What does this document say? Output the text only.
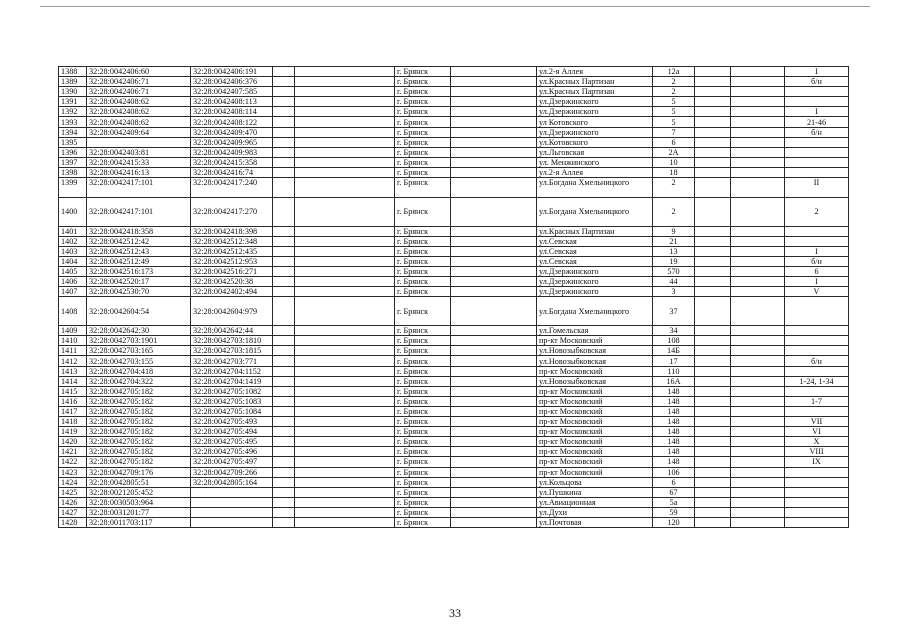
1388	32:28:0042406:60	32:28:0042406:191			г. Брянск		ул.2-я Аллея	12а			I
1389	32:28:0042406:71	32:28:0042406:376			г. Брянск		ул.Красных Партизан	2			б/н
1390	32:28:0042406:71	32:28:0042407:585			г. Брянск		ул.Красных Партизан	2			
1391	32:28:0042408:62	32:28:0042408:113			г. Брянск		ул.Дзержинского	5			
1392	32:28:0042408:62	32:28:0042408:114			г. Брянск		ул.Дзержинского	5			I
1393	32:28:0042408:62	32:28:0042408:122			г. Брянск		ул Котовского	5			21-46
1394	32:28:0042409:64	32:28:0042409:470			г. Брянск		ул.Дзержинского	7			б/н
1395		32:28:0042409:965			г. Брянск		ул.Котовского	6			
1396	32:28:0042403:81	32:28:0042409:983			г. Брянск		ул.Льговская	2А			
1397	32:28:0042415:33	32:28:0042415:358			г. Брянск		ул. Менжинского	10			
1398	32:28:0042416:13	32:28:0042416:74			г. Брянск		ул.2-я Аллея	18			
1399	32:28:0042417:101	32:28:0042417:240			г. Брянск		ул.Богдана Хмельницкого	2			II
1400	32:28:0042417:101	32:28:0042417:270			г. Брянск		ул.Богдана Хмельницкого	2			2
1401	32:28:0042418:358	32:28:0042418:398			г. Брянск		ул.Красных Партизан	9			
1402	32:28:0042512:42	32:28:0042512:348			г. Брянск		ул.Севская	21			
1403	32:28:0042512:43	32:28:0042512:435			г. Брянск		ул.Севская	13			I
1404	32:28:0042512:49	32:28:0042512:953			г. Брянск		ул.Севская	19			б/н
1405	32:28:0042516:173	32:28:0042516:271			г. Брянск		ул.Дзержинского	570			6
1406	32:28:0042520:17	32:28:0042520:38			г. Брянск		ул.Дзержинского	44			I
1407	32:28:0042530:70	32:28:0042402:494			г. Брянск		ул.Дзержинского	3			V
1408	32:28:0042604:54	32:28:0042604:979			г. Брянск		ул.Богдана Хмельницкого	37			
1409	32:28:0042642:30	32:28:0042642:44			г. Брянск		ул.Гомельская	34			
1410	32:28:0042703:1901	32:28:0042703:1810			г. Брянск		пр-кт Московский	108			
1411	32:28:0042703:165	32:28:0042703:1815			г. Брянск		ул.Новозыбковская	14Б			
1412	32:28:0042703:155	32:28:0042703:771			г. Брянск		ул.Новозыбковская	17			б/н
1413	32:28:0042704:418	32:28:0042704:1152			г. Брянск		пр-кт Московский	110			
1414	32:28:0042704:322	32:28:0042704:1419			г. Брянск		ул.Новозыбковская	16А			1-24, 1-34
1415	32:28:0042705:182	32:28:0042705:1082			г. Брянск		пр-кт Московский	148			
1416	32:28:0042705:182	32:28:0042705:1083			г. Брянск		пр-кт Московский	148			1-7
1417	32:28:0042705:182	32:28:0042705:1084			г. Брянск		пр-кт Московский	148			
1418	32:28:0042705:182	32:28:0042705:493			г. Брянск		пр-кт Московский	148			VII
1419	32:28:0042705:182	32:28:0042705:494			г. Брянск		пр-кт Московский	148			VI
1420	32:28:0042705:182	32:28:0042705:495			г. Брянск		пр-кт Московский	148			X
1421	32:28:0042705:182	32:28:0042705:496			г. Брянск		пр-кт Московский	148			VIII
1422	32:28:0042705:182	32:28:0042705:497			г. Брянск		пр-кт Московский	148			IX
1423	32:28:0042709:176	32:28:0042709:266			г. Брянск		пр-кт Московский	106			
1424	32:28:0042805:51	32:28:0042805:164			г. Брянск		ул.Кольцова	6			
1425	32:28:0021205:452				г. Брянск		ул.Пушкина	67			
1426	32:28:0030503:964				г. Брянск		ул.Авиационная	5а			
1427	32:28:0031201:77				г. Брянск		ул.Духи	59			
1428	32:28:0011703:117				г. Брянск		ул.Почтовая	120			
33
